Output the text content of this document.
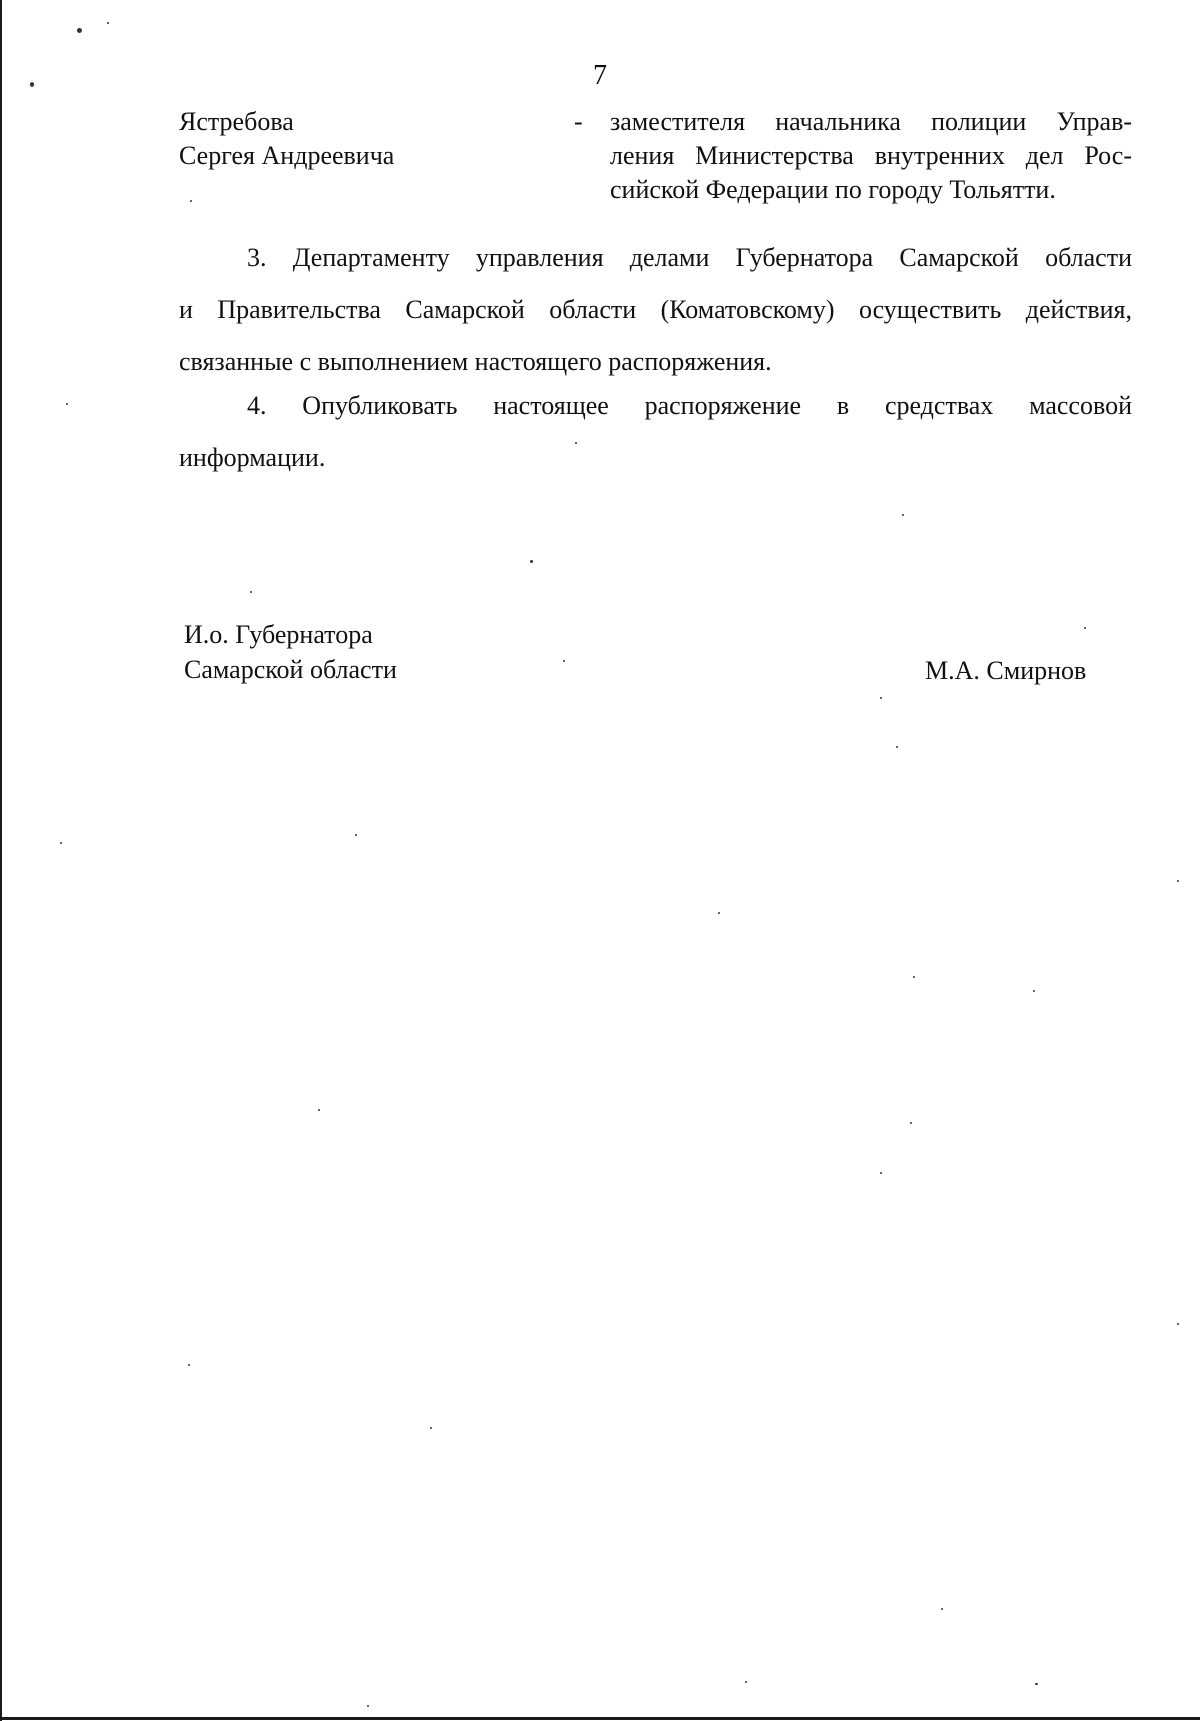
7
Ястребова
Сергея Андреевича
- заместителя начальника полиции Управ-
ления Министерства внутренних дел Рос-
сийской Федерации по городу Тольятти.
3. Департаменту управления делами Губернатора Самарской области
и Правительства Самарской области (Коматовскому) осуществить действия,
связанные с выполнением настоящего распоряжения.
4. Опубликовать настоящее распоряжение в средствах массовой
информации.
И.о. Губернатора
Самарской области	М.А. Смирнов
